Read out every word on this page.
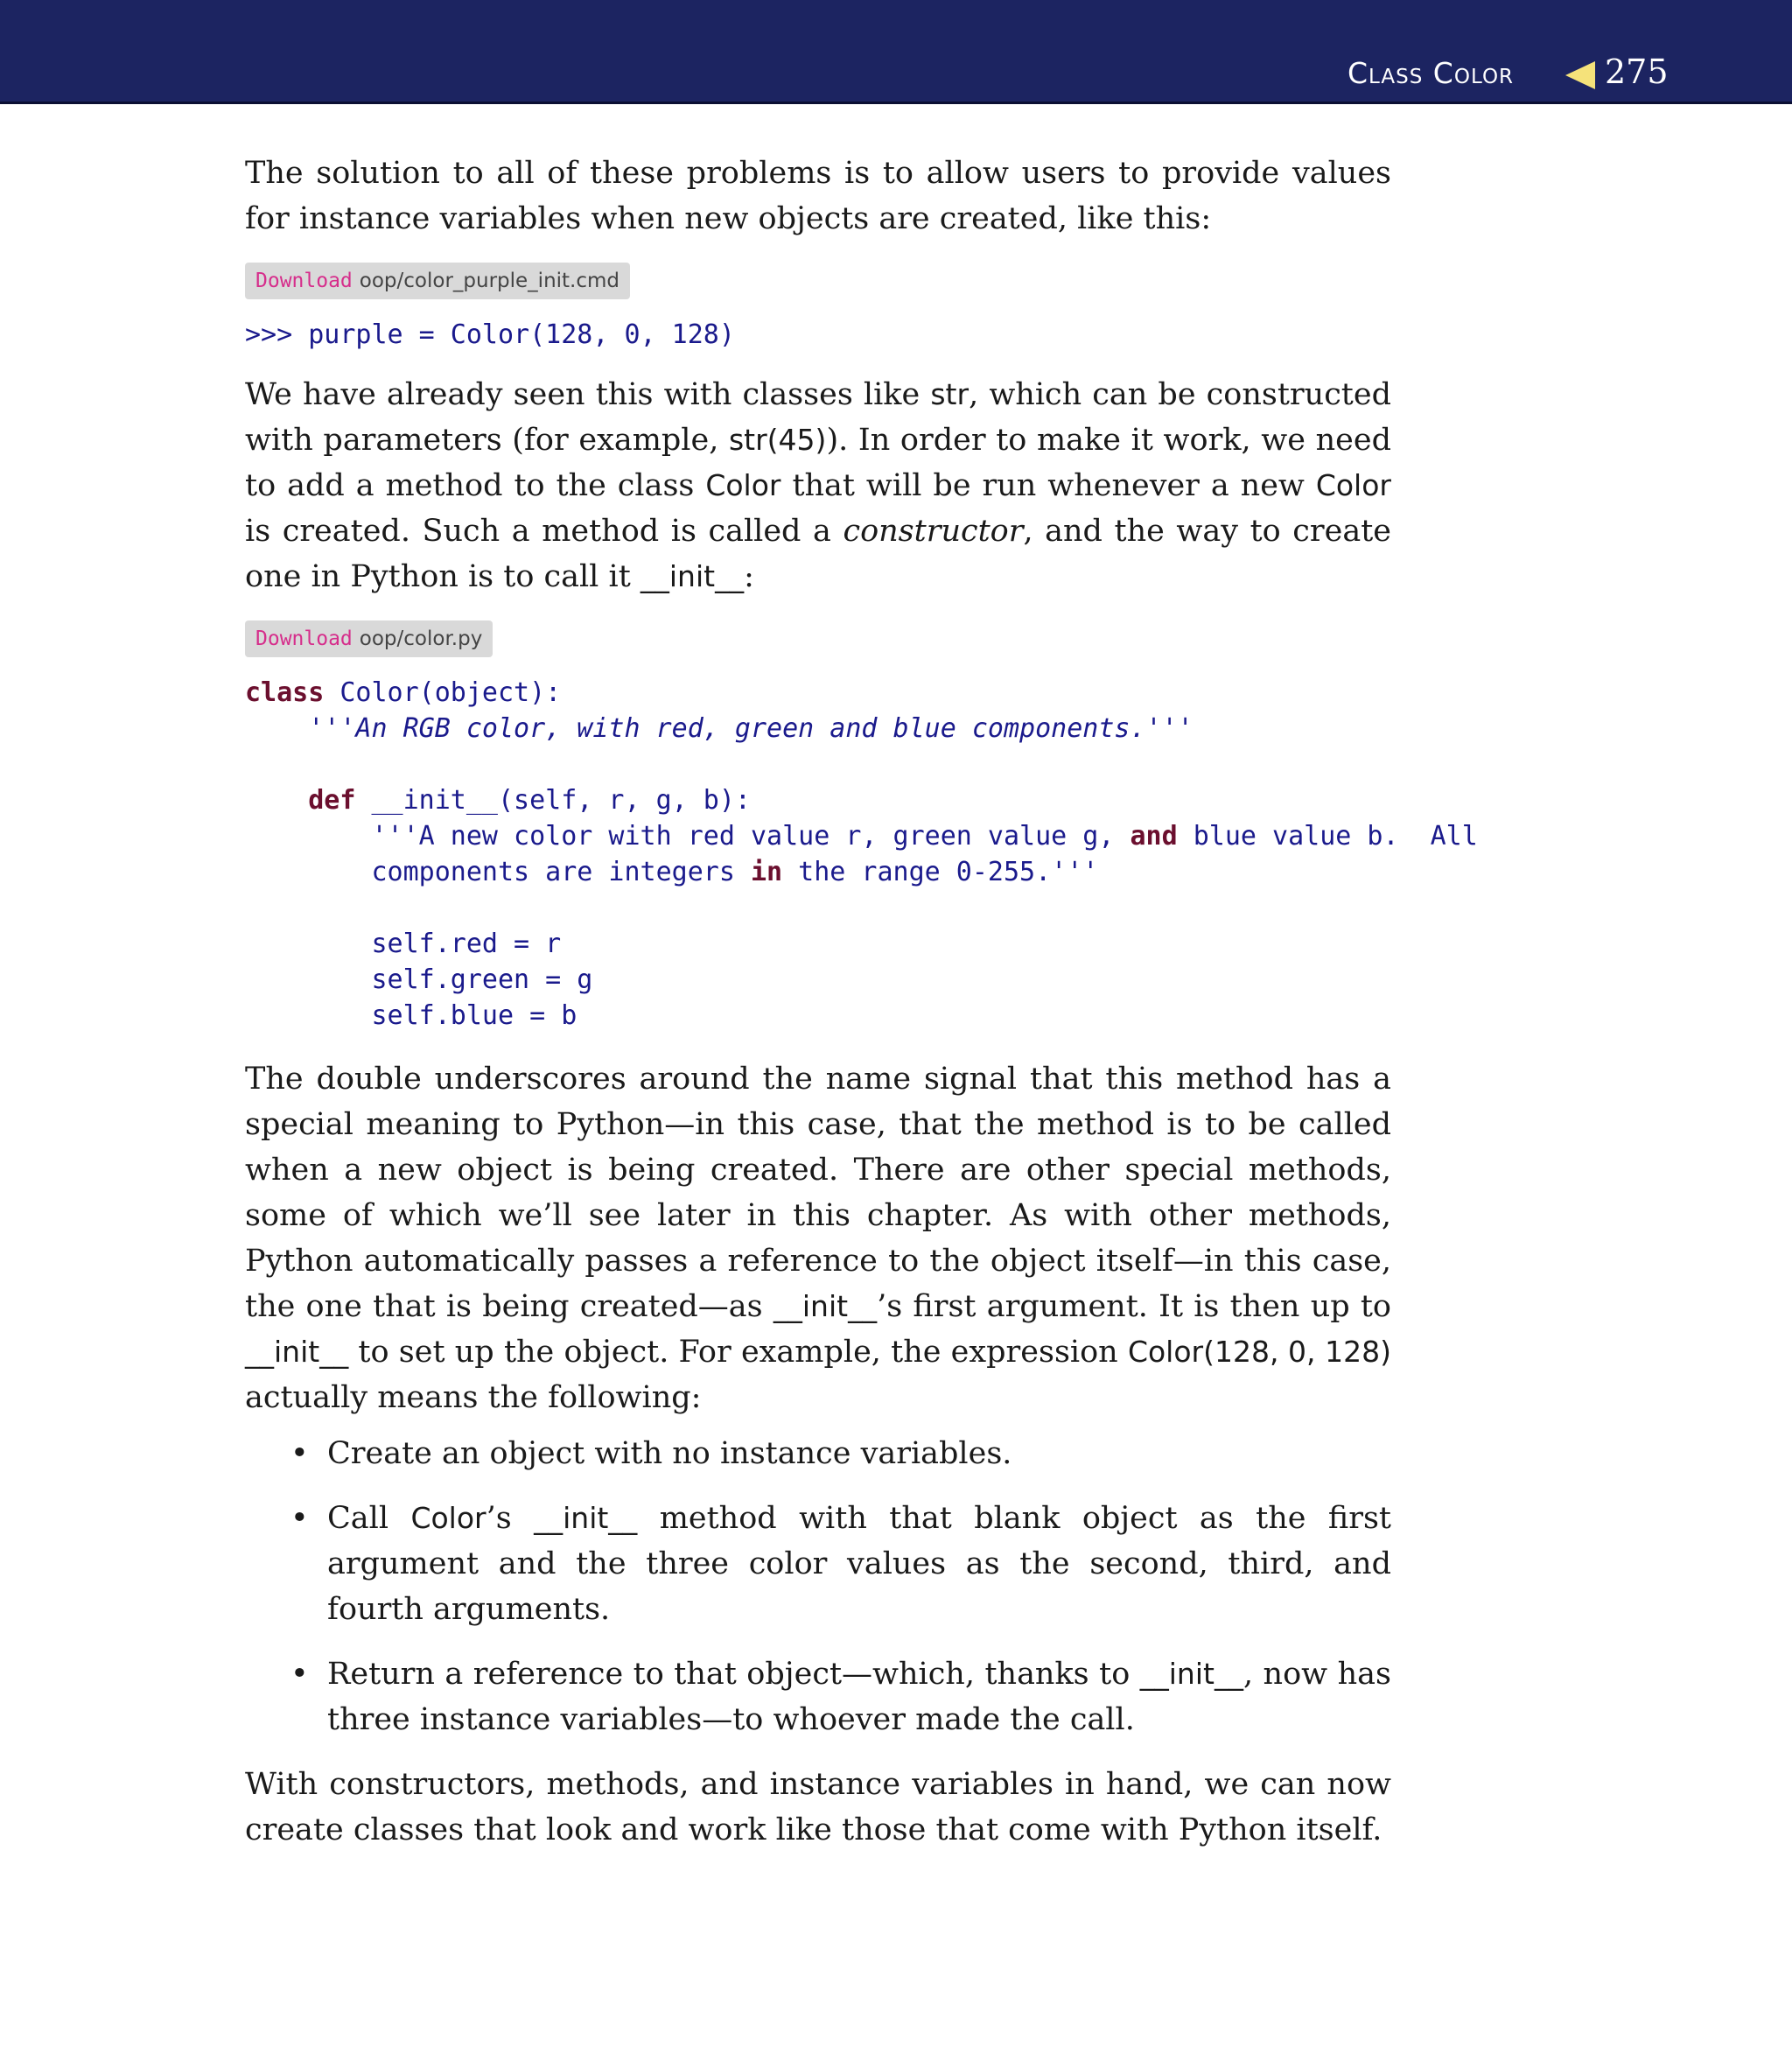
Class Color	275

The solution to all of these problems is to allow users to provide values for instance variables when new objects are created, like this:

Download oop/color_purple_init.cmd
>>> purple = Color(128, 0, 128)

We have already seen this with classes like str, which can be constructed with parameters (for example, str(45)). In order to make it work, we need to add a method to the class Color that will be run whenever a new Color is created. Such a method is called a constructor, and the way to create one in Python is to call it __init__:

Download oop/color.py
class Color(object):
'''An RGB color, with red, green and blue components.'''
def __init__(self, r, g, b):
'''A new color with red value r, green value g, and blue value b.  All
components are integers in the range 0-255.'''
self.red = r
self.green = g
self.blue = b

The double underscores around the name signal that this method has a special meaning to Python—in this case, that the method is to be called when a new object is being created. There are other special methods, some of which we’ll see later in this chapter. As with other methods, Python automatically passes a reference to the object itself—in this case, the one that is being created—as __init__’s first argument. It is then up to __init__ to set up the object. For example, the expression Color(128, 0, 128) actually means the following:

• Create an object with no instance variables.
• Call Color’s __init__ method with that blank object as the first argument and the three color values as the second, third, and fourth arguments.
• Return a reference to that object—which, thanks to __init__, now has three instance variables—to whoever made the call.

With constructors, methods, and instance variables in hand, we can now create classes that look and work like those that come with Python itself.
